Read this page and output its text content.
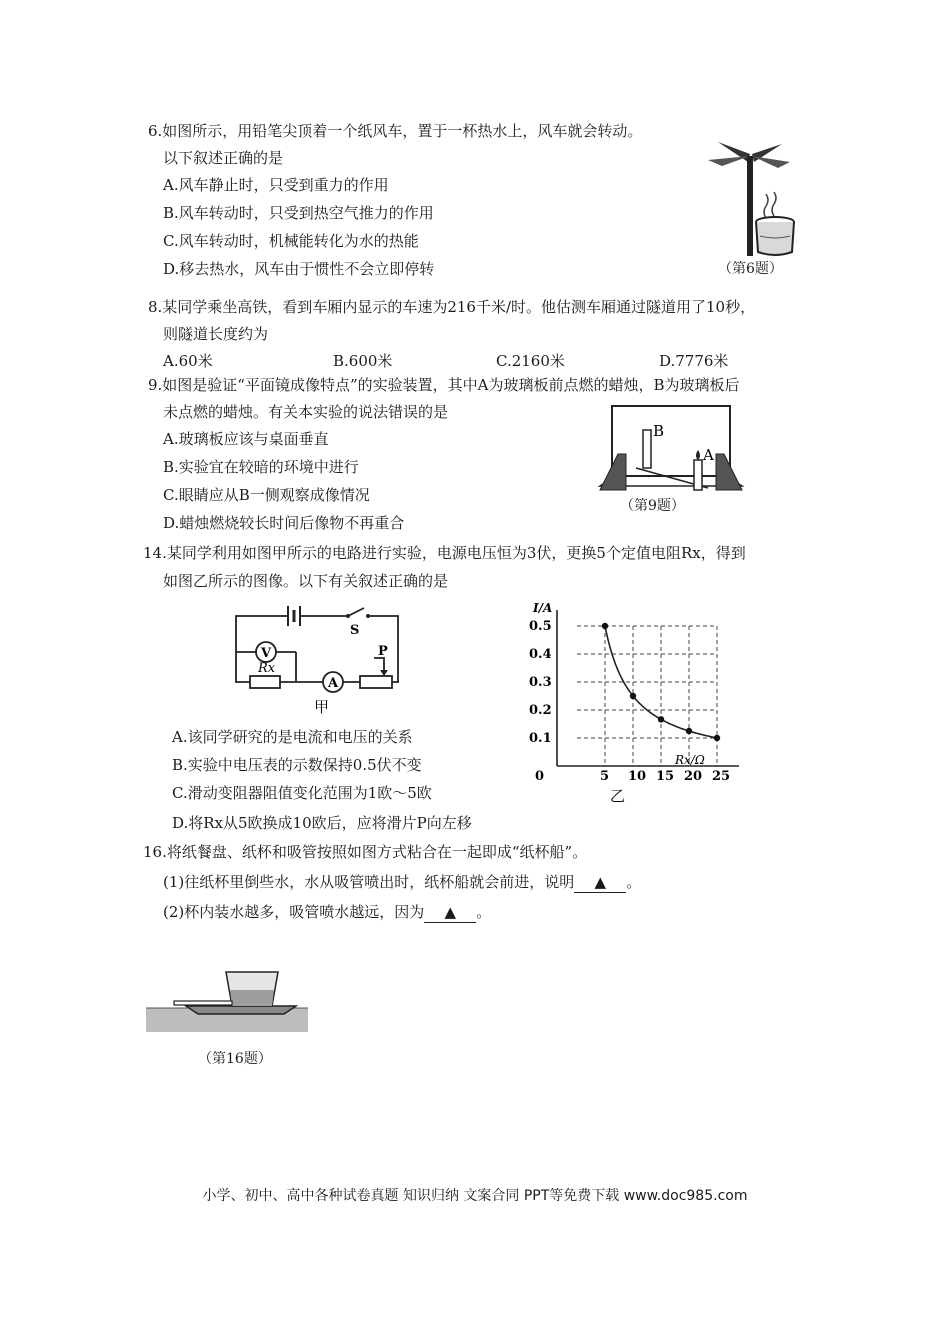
6.如图所示，用铅笔尖顶着一个纸风车，置于一杯热水上，风车就会转动。
以下叙述正确的是
A.风车静止时，只受到重力的作用
B.风车转动时，只受到热空气推力的作用
C.风车转动时，机械能转化为水的热能
D.移去热水，风车由于惯性不会立即停转	（第6题）
8.某同学乘坐高铁，看到车厢内显示的车速为216千米/时。他估测车厢通过隧道用了10秒，
则隧道长度约为
A.60米	B.600米	C.2160米	D.7776米
9.如图是验证“平面镜成像特点”的实验装置，其中A为玻璃板前点燃的蜡烛，B为玻璃板后
未点燃的蜡烛。有关本实验的说法错误的是
A.玻璃板应该与桌面垂直
B.实验宜在较暗的环境中进行
C.眼睛应从B一侧观察成像情况
D.蜡烛燃烧较长时间后像物不再重合
B
A
（第9题）
14.某同学利用如图甲所示的电路进行实验，电源电压恒为3伏，更换5个定值电阻Rx，得到
如图乙所示的图像。以下有关叙述正确的是
S
V
Rx
A
P
甲
A.该同学研究的是电流和电压的关系
B.实验中电压表的示数保持0.5伏不变
C.滑动变阻器阻值变化范围为1欧～5欧
D.将Rx从5欧换成10欧后，应将滑片P向左移
5 10 15 20 25
0.1
0.2
0.3
0.4
0.5
I/A
Rx/Ω
0
乙
16.将纸餐盘、纸杯和吸管按照如图方式粘合在一起即成“纸杯船”。
(1)往纸杯里倒些水，水从吸管喷出时，纸杯船就会前进，说明 ▲ 。
(2)杯内装水越多，吸管喷水越远，因为 ▲ 。
（第16题）
小学、初中、高中各种试卷真题 知识归纳 文案合同 PPT等免费下载 www.doc985.com
